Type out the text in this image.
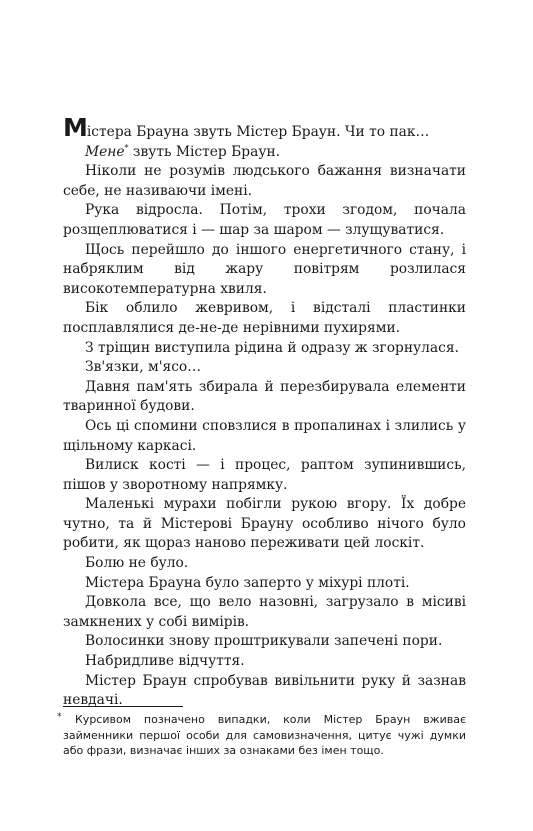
Містера Брауна звуть Містер Браун. Чи то пак…

Мене* звуть Містер Браун.

Ніколи не розумів людського бажання визначати себе, не називаючи імені.

Рука відросла. Потім, трохи згодом, почала розщеплюватися і — шар за шаром — злущуватися.

Щось перейшло до іншого енергетичного стану, і набряклим від жару повітрям розлилася високотемпературна хвиля.

Бік облило жевривом, і відсталі пластинки посплавлялися де-не-де нерівними пухирями.

З тріщин виступила рідина й одразу ж згорнулася.

Зв'язки, м'ясо…

Давня пам'ять збирала й перезбирувала елементи тваринної будови.

Ось ці спомини сповзлися в пропалинах і злились у щільному каркасі.

Вилиск кості — і процес, раптом зупинившись, пішов у зворотному напрямку.

Маленькі мурахи побігли рукою вгору. Їх добре чутно, та й Містерові Брауну особливо нічого було робити, як щораз наново переживати цей лоскіт.

Болю не було.

Містера Брауна було заперто у міхурі плоті.

Довкола все, що вело назовні, загрузало в місиві замкнених у собі вимірів.

Волосинки знову проштрикували запечені пори.

Набридливе відчуття.

Містер Браун спробував вивільнити руку й зазнав невдачі.

*	Курсивом позначено випадки, коли Містер Браун вживає займенники першої особи для самовизначення, цитує чужі думки або фрази, визначає інших за ознаками без імен тощо.
